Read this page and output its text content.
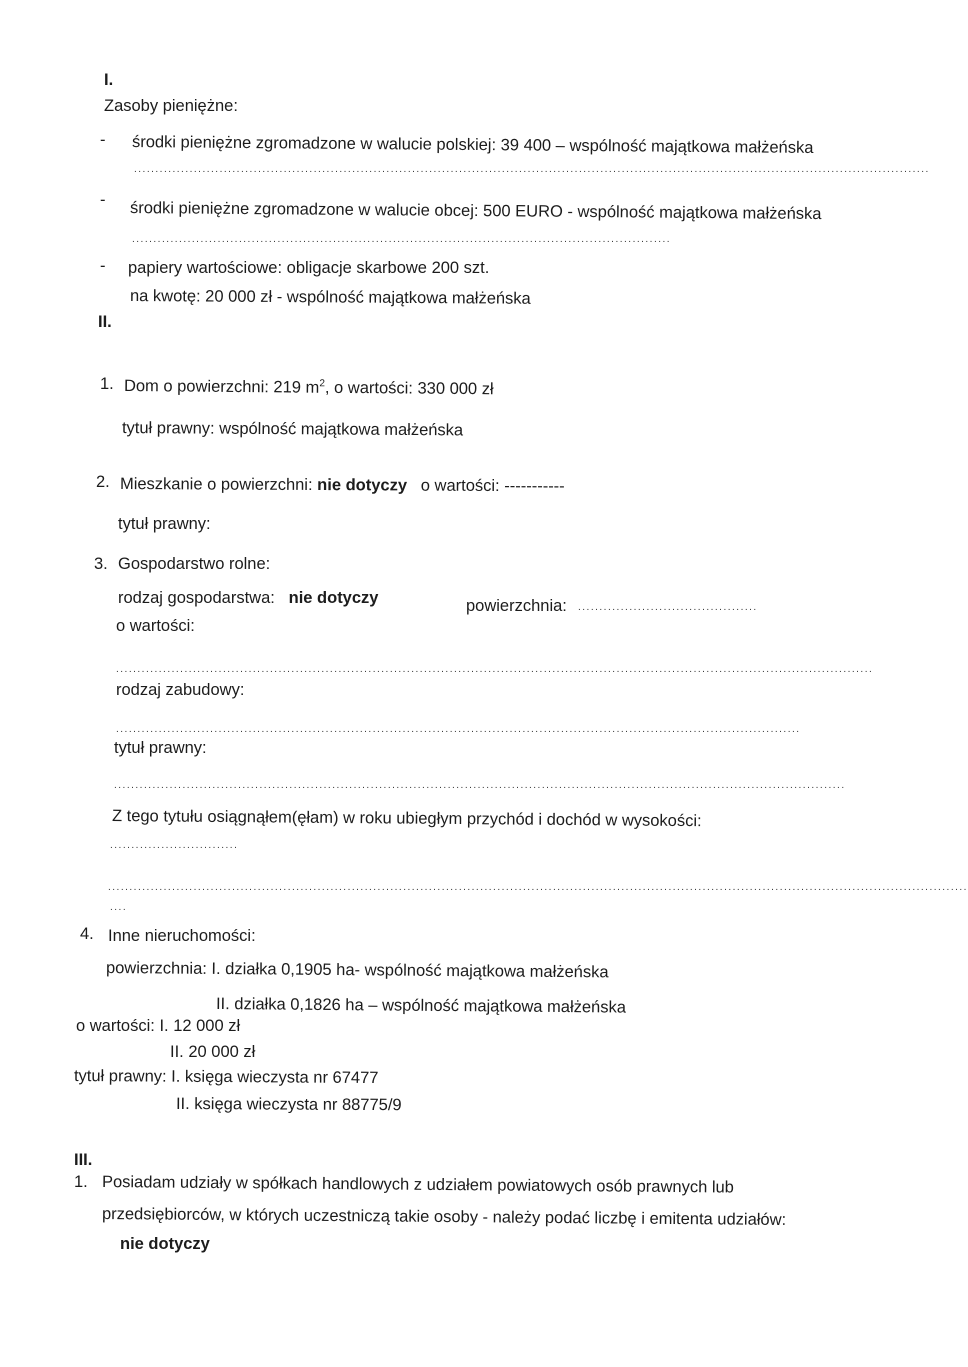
I.
Zasoby pieniężne:
- środki pieniężne zgromadzone w walucie polskiej: 39 400 – wspólność majątkowa małżeńska
..........................................................................................................................................................................................
- środki pieniężne zgromadzone w walucie obcej: 500 EURO - wspólność majątkowa małżeńska
..............................................................................................................................
- papiery wartościowe: obligacje skarbowe 200 szt.
na kwotę: 20 000 zł - wspólność majątkowa małżeńska
II.
1. Dom o powierzchni: 219 $m^2$, o wartości: 330 000 zł
tytuł prawny: wspólność majątkowa małżeńska
2. Mieszkanie o powierzchni: nie dotyczy o wartości: -----------
tytuł prawny:
3. Gospodarstwo rolne:
rodzaj gospodarstwa: nie dotyczy	powierzchnia: ..........................................
o wartości:
.................................................................................................................................................................................
rodzaj zabudowy:
................................................................................................................................................................
tytuł prawny:
...........................................................................................................................................................................
Z tego tytułu osiągnąłem(ęłam) w roku ubiegłym przychód i dochód w wysokości:
..............................
.........................................................................................................................................................................................................
....
4. Inne nieruchomości:
powierzchnia: I. działka 0,1905 ha- wspólność majątkowa małżeńska
II. działka 0,1826 ha – wspólność majątkowa małżeńska
o wartości: I. 12 000 zł
II. 20 000 zł
tytuł prawny: I. księga wieczysta nr 67477
II. księga wieczysta nr 88775/9
III.
1. Posiadam udziały w spółkach handlowych z udziałem powiatowych osób prawnych lub
przedsiębiorców, w których uczestniczą takie osoby - należy podać liczbę i emitenta udziałów:
nie dotyczy
